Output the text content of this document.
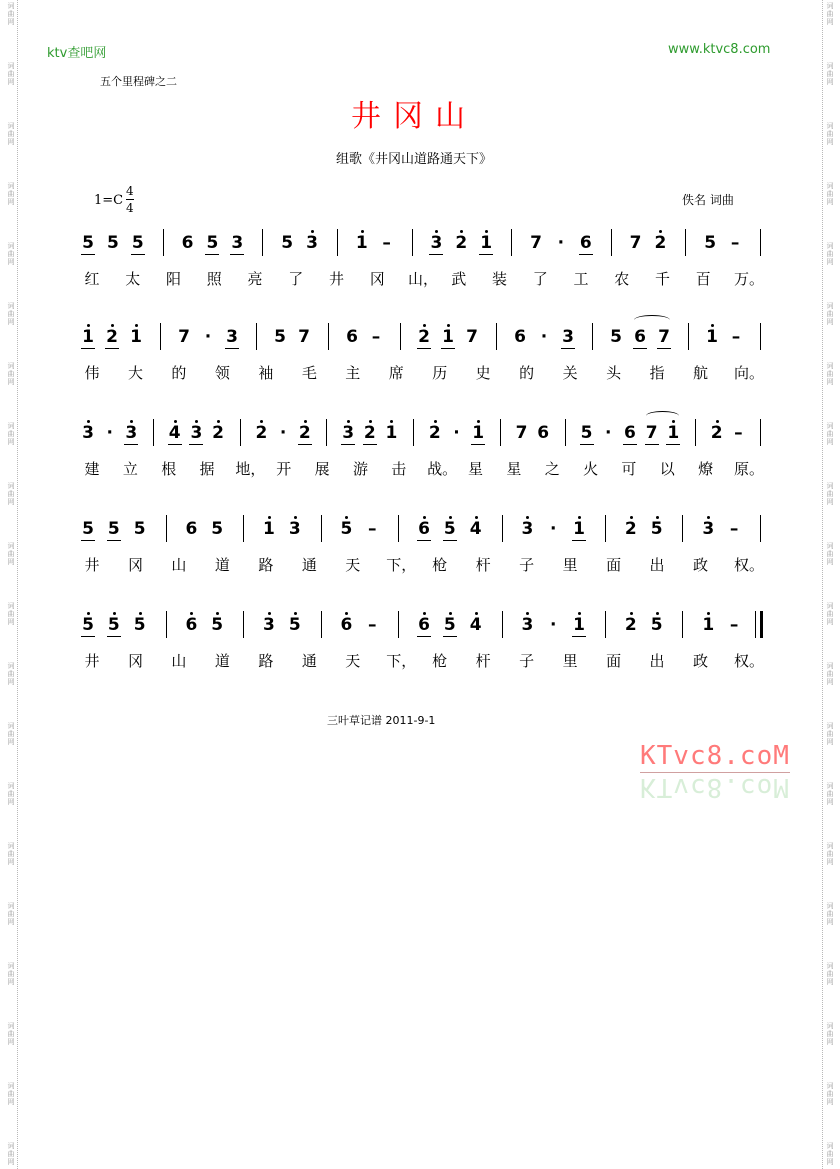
词
曲
网
词
曲
网
词
曲
网
词
曲
网
词
曲
网
词
曲
网
词
曲
网
词
曲
网
词
曲
网
词
曲
网
词
曲
网
词
曲
网
词
曲
网
词
曲
网
词
曲
网
词
曲
网
词
曲
网
词
曲
网
词
曲
网
词
曲
网
词
曲
网
词
曲
网
词
曲
网
词
曲
网
词
曲
网
词
曲
网
词
曲
网
词
曲
网
词
曲
网
词
曲
网
词
曲
网
词
曲
网
词
曲
网
词
曲
网
词
曲
网
词
曲
网
词
曲
网
词
曲
网
词
曲
网
词
曲
网
ktv查吧网	www.ktvc8.com
五个里程碑之二
井冈山
组歌《井冈山道路通天下》
1=C
4
4
佚名 词曲
5 5 5 6 5 3 5 3 1 – 3 2 1 7 · 6 7 2 5 –
红 太 阳 照 亮 了 井 冈 山， 武 装 了 工 农 千 百 万。
1 2 1 7 · 3 5 7 6 – 2 1 7 6 · 3 5 6 7 1 –
伟 大 的 领 袖 毛 主 席 历 史 的 关 头 指 航 向。
3 · 3 4 3 2 2 · 2 3 2 1 2 · 1 7 6 5 · 6 7 1 2 –
建 立 根 据 地， 开 展 游 击 战。 星 星 之 火 可 以 燎 原。
5 5 5 6 5 1 3 5 – 6 5 4 3 · 1 2 5 3 –
井 冈 山 道 路 通 天 下， 枪 杆 子 里 面 出 政 权。
5 5 5 6 5 3 5 6 – 6 5 4 3 · 1 2 5 1 –
井 冈 山 道 路 通 天 下， 枪 杆 子 里 面 出 政 权。
三叶草记谱 2011-9-1
KTvc8.coM
KTvc8.coM
